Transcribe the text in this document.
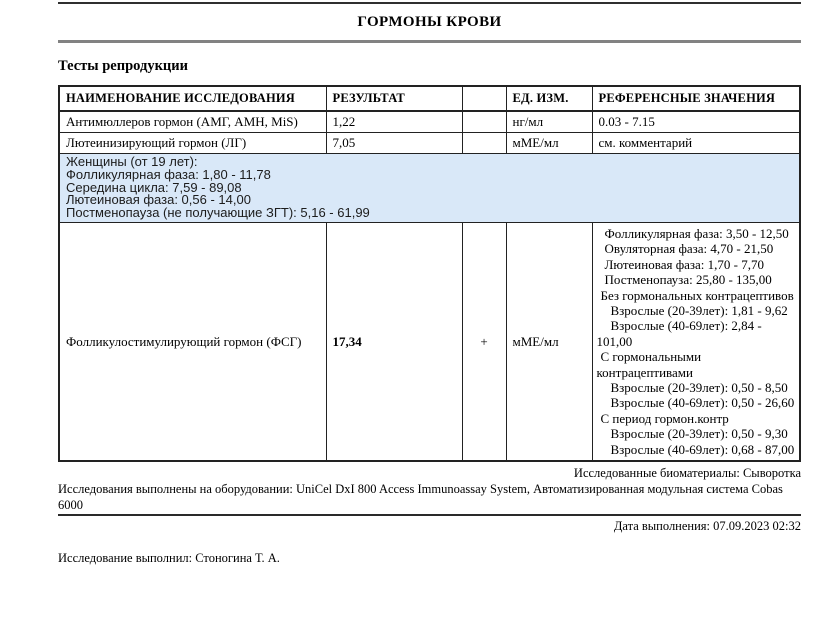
ГОРМОНЫ КРОВИ
Тесты репродукции
НАИМЕНОВАНИЕ ИССЛЕДОВАНИЯ	РЕЗУЛЬТАТ		ЕД. ИЗМ.	РЕФЕРЕНСНЫЕ ЗНАЧЕНИЯ
Антимюллеров гормон (АМГ, АМН, MiS)	1,22		нг/мл	0.03 - 7.15
Лютеинизирующий гормон (ЛГ)	7,05		мМЕ/мл	см. комментарий

Женщины (от 19 лет):
Фолликулярная фаза: 1,80 - 11,78
Середина цикла: 7,59 - 89,08
Лютеиновая фаза: 0,56 - 14,00
Постменопауза (не получающие ЗГТ): 5,16 - 61,99				

Фолликулостимулирующий гормон (ФСГ)	17,34	+	мМЕ/мл	
Фолликулярная фаза: 3,50 - 12,50
Овуляторная фаза: 4,70 - 21,50
Лютеиновая фаза: 1,70 - 7,70
Постменопауза: 25,80 - 135,00
Без гормональных контрацептивов
Взрослые (20-39лет): 1,81 - 9,62
Взрослые (40-69лет): 2,84 - 101,00
С гормональными контрацептивами
Взрослые (20-39лет): 0,50 - 8,50
Взрослые (40-69лет): 0,50 - 26,60
С период гормон.контр
Взрослые (20-39лет): 0,50 - 9,30
Взрослые (40-69лет): 0,68 - 87,00
Исследованные биоматериалы: Сыворотка
Исследования выполнены на оборудовании: UniCel DxI 800 Access Immunoassay System, Автоматизированная модульная система Cobas 6000
Дата выполнения: 07.09.2023 02:32
Исследование выполнил: Стоногина Т. А.
